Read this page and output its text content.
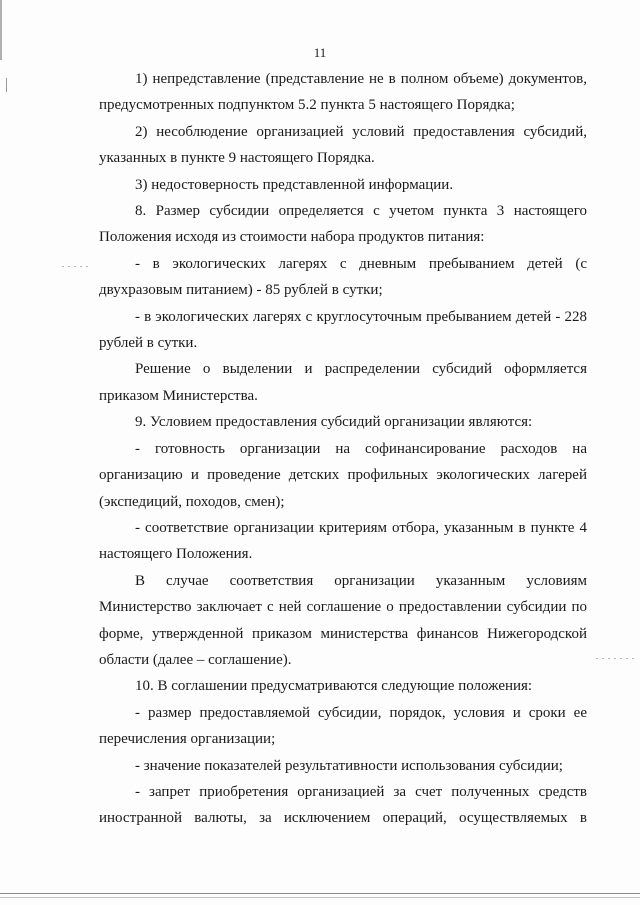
11

1) непредставление (представление не в полном объеме) документов, предусмотренных подпунктом 5.2 пункта 5 настоящего Порядка;

2) несоблюдение организацией условий предоставления субсидий, указанных в пункте 9 настоящего Порядка.

3) недостоверность представленной информации.

8. Размер субсидии определяется с учетом пункта 3 настоящего Положения исходя из стоимости набора продуктов питания:

- в экологических лагерях с дневным пребыванием детей (с двухразовым питанием) - 85 рублей в сутки;

- в экологических лагерях с круглосуточным пребыванием детей - 228 рублей в сутки.

Решение о выделении и распределении субсидий оформляется приказом Министерства.

9. Условием предоставления субсидий организации являются:

- готовность организации на софинансирование расходов на организацию и проведение детских профильных экологических лагерей (экспедиций, походов, смен);

- соответствие организации критериям отбора, указанным в пункте 4 настоящего Положения.

В случае соответствия организации указанным условиям Министерство заключает с ней соглашение о предоставлении субсидии по форме, утвержденной приказом министерства финансов Нижегородской области (далее – соглашение).

10. В соглашении предусматриваются следующие положения:

- размер предоставляемой субсидии, порядок, условия и сроки ее перечисления организации;

- значение показателей результативности использования субсидии;

- запрет приобретения организацией за счет полученных средств иностранной валюты, за исключением операций, осуществляемых в
